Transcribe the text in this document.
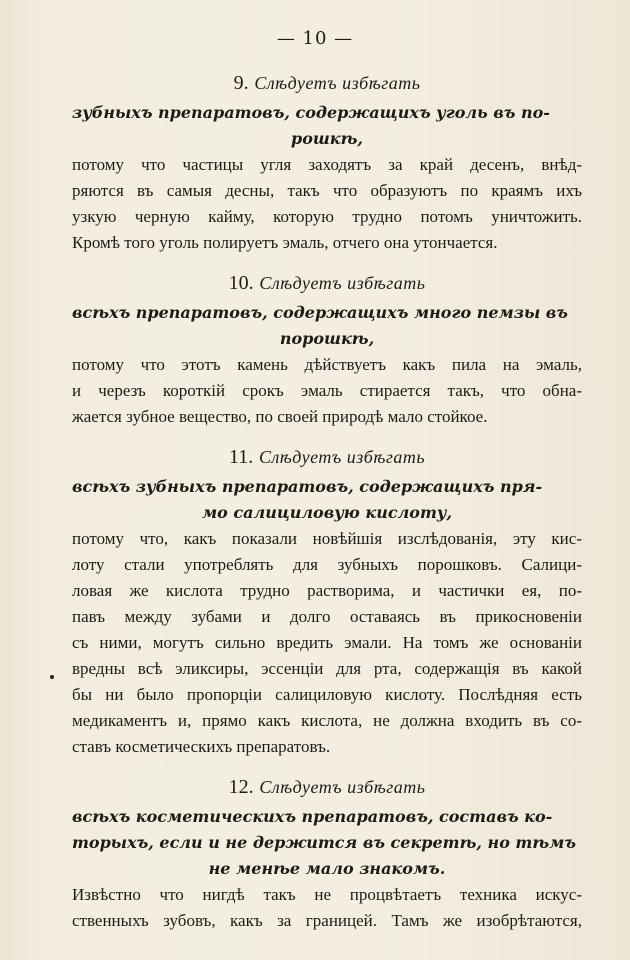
— 10 —
9. Слѣдуетъ избѣгать
зубныхъ препаратовъ, содержащихъ уголь въ по-
рошкѣ,
потому что частицы угля заходятъ за край десенъ, внѣд-
ряются въ самыя десны, такъ что образуютъ по краямъ ихъ
узкую черную кайму, которую трудно потомъ уничтожить.
Кромѣ того уголь полируетъ эмаль, отчего она утончается.
10. Слѣдуетъ избѣгать
всѣхъ препаратовъ, содержащихъ много пемзы въ
порошкѣ,
потому что этотъ камень дѣйствуетъ какъ пила на эмаль,
и черезъ короткій срокъ эмаль стирается такъ, что обна-
жается зубное вещество, по своей природѣ мало стойкое.
11. Слѣдуетъ избѣгать
всѣхъ зубныхъ препаратовъ, содержащихъ пря-
мо салициловую кислоту,
потому что, какъ показали новѣйшія изслѣдованія, эту кис-
лоту стали употреблять для зубныхъ порошковъ. Салици-
ловая же кислота трудно растворима, и частички ея, по-
павъ между зубами и долго оставаясь въ прикосновеніи
съ ними, могутъ сильно вредить эмали. На томъ же основаніи
вредны всѣ эликсиры, эссенціи для рта, содержащія въ какой
бы ни было пропорціи салициловую кислоту. Послѣдняя есть
медикаментъ и, прямо какъ кислота, не должна входить въ со-
ставъ косметическихъ препаратовъ.
12. Слѣдуетъ избѣгать
всѣхъ косметическихъ препаратовъ, составъ ко-
торыхъ, если и не держится въ секретѣ, но тѣмъ
не менѣе мало знакомъ.
Извѣстно что нигдѣ такъ не процвѣтаетъ техника искус-
ственныхъ зубовъ, какъ за границей. Тамъ же изобрѣтаются,
